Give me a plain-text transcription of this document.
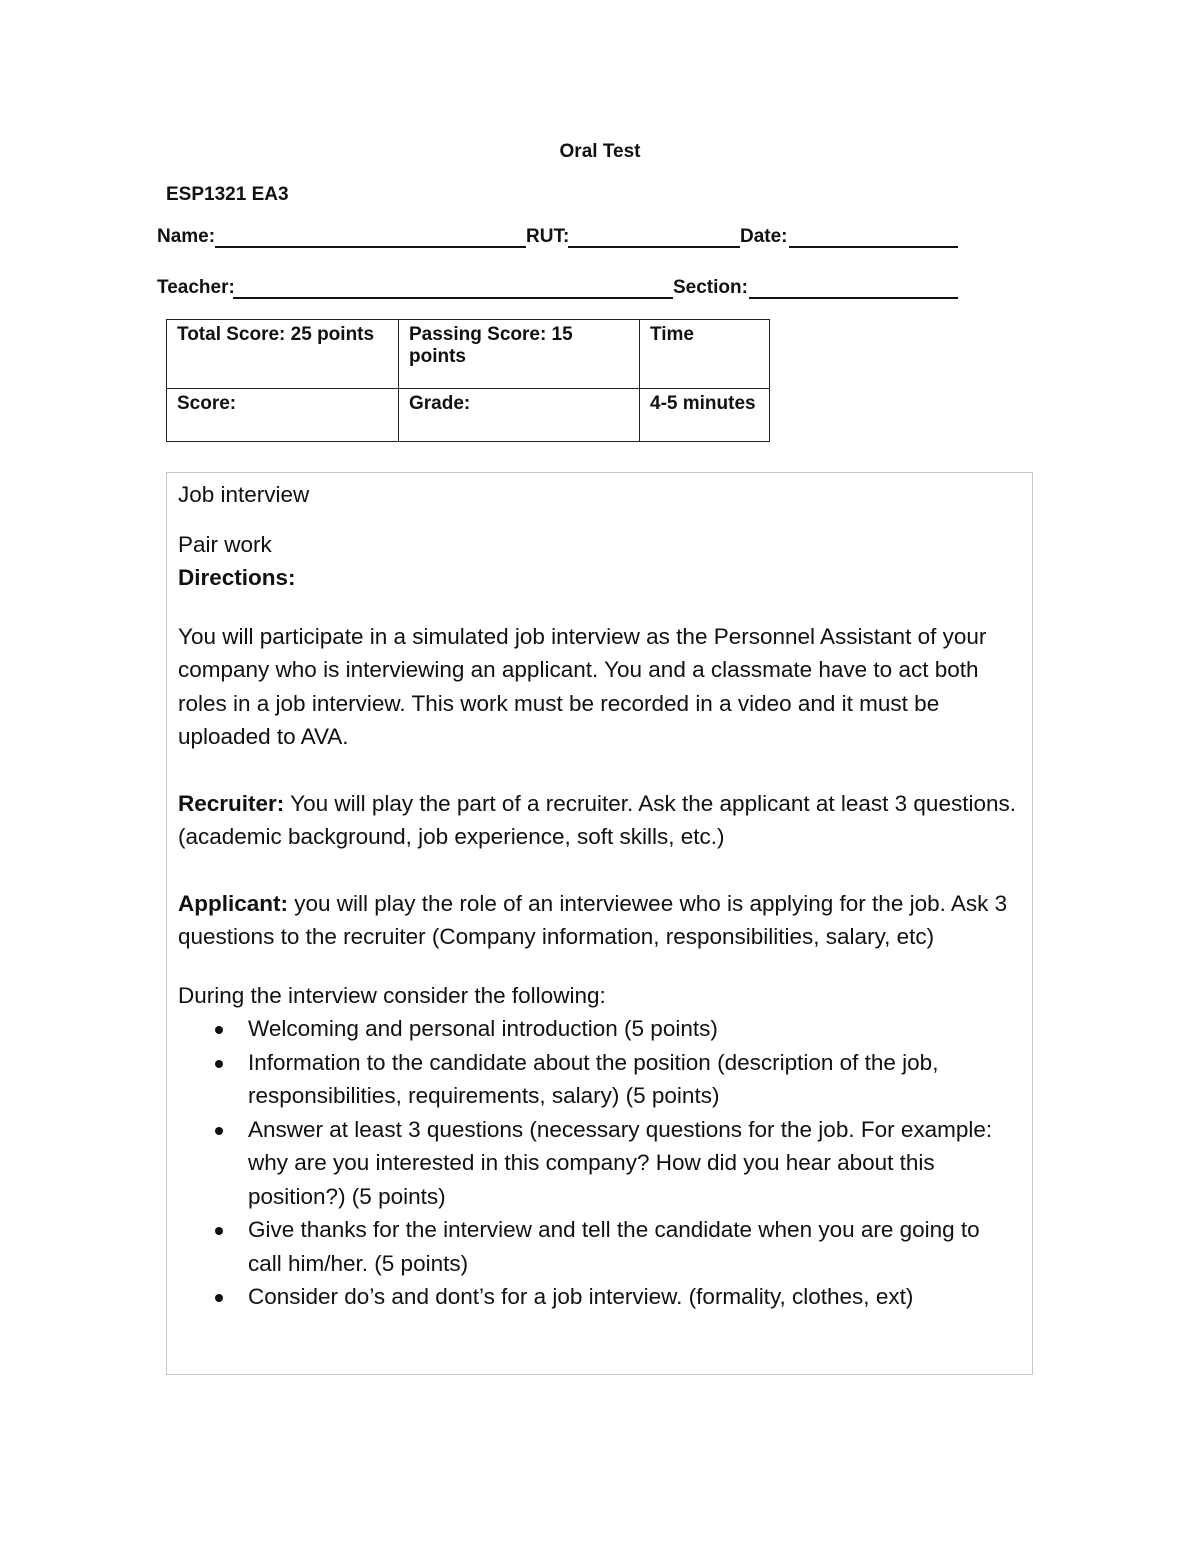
Oral Test
ESP1321 EA3
Name:	RUT:	Date:
Teacher:	Section:
Total Score: 25 points	Passing Score: 15 points	Time
Score:	Grade:	4-5 minutes

Job interview

Pair work

Directions:

You will participate in a simulated job interview as the Personnel Assistant of your company who is interviewing an applicant. You and a classmate have to act both roles in a job interview. This work must be recorded in a video and it must be uploaded to AVA.

Recruiter: You will play the part of a recruiter. Ask the applicant at least 3 questions. (academic background, job experience, soft skills, etc.)

Applicant: you will play the role of an interviewee who is applying for the job. Ask 3 questions to the recruiter (Company information, responsibilities, salary, etc)

During the interview consider the following:

Welcoming and personal introduction (5 points)
Information to the candidate about the position (description of the job, responsibilities, requirements, salary) (5 points)
Answer at least 3 questions (necessary questions for the job. For example: why are you interested in this company? How did you hear about this position?) (5 points)
Give thanks for the interview and tell the candidate when you are going to call him/her. (5 points)
Consider do’s and dont’s for a job interview. (formality, clothes, ext)
